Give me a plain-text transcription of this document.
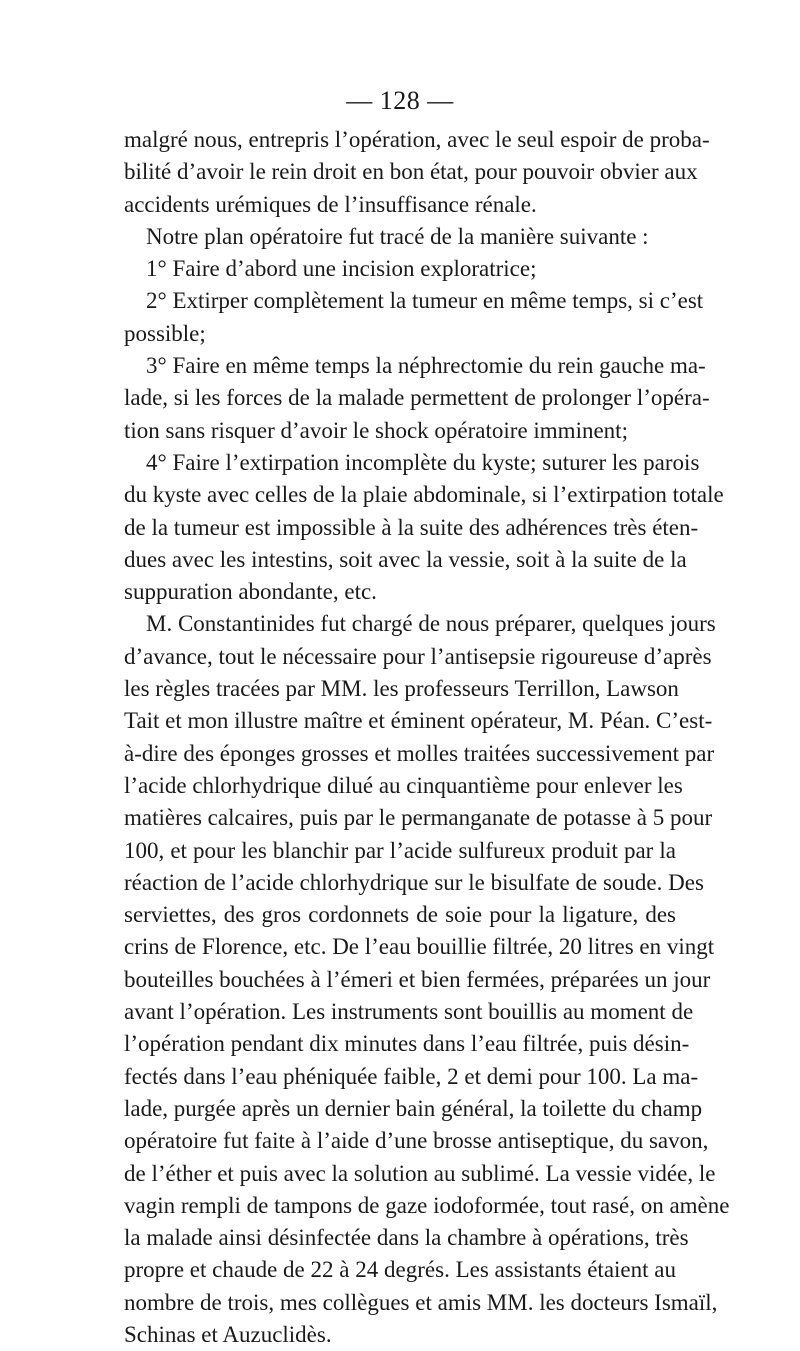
— 128 —
malgré nous, entrepris l’opération, avec le seul espoir de proba-
bilité d’avoir le rein droit en bon état, pour pouvoir obvier aux
accidents urémiques de l’insuffisance rénale.
Notre plan opératoire fut tracé de la manière suivante :
1° Faire d’abord une incision exploratrice;
2° Extirper complètement la tumeur en même temps, si c’est
possible;
3° Faire en même temps la néphrectomie du rein gauche ma-
lade, si les forces de la malade permettent de prolonger l’opéra-
tion sans risquer d’avoir le shock opératoire imminent;
4° Faire l’extirpation incomplète du kyste; suturer les parois
du kyste avec celles de la plaie abdominale, si l’extirpation totale
de la tumeur est impossible à la suite des adhérences très éten-
dues avec les intestins, soit avec la vessie, soit à la suite de la
suppuration abondante, etc.
M. Constantinides fut chargé de nous préparer, quelques jours
d’avance, tout le nécessaire pour l’antisepsie rigoureuse d’après
les règles tracées par MM. les professeurs Terrillon, Lawson
Tait et mon illustre maître et éminent opérateur, M. Péan. C’est-
à-dire des éponges grosses et molles traitées successivement par
l’acide chlorhydrique dilué au cinquantième pour enlever les
matières calcaires, puis par le permanganate de potasse à 5 pour
100, et pour les blanchir par l’acide sulfureux produit par la
réaction de l’acide chlorhydrique sur le bisulfate de soude. Des
serviettes, des gros cordonnets de soie pour la ligature, des
crins de Florence, etc. De l’eau bouillie filtrée, 20 litres en vingt
bouteilles bouchées à l’émeri et bien fermées, préparées un jour
avant l’opération. Les instruments sont bouillis au moment de
l’opération pendant dix minutes dans l’eau filtrée, puis désin-
fectés dans l’eau phéniquée faible, 2 et demi pour 100. La ma-
lade, purgée après un dernier bain général, la toilette du champ
opératoire fut faite à l’aide d’une brosse antiseptique, du savon,
de l’éther et puis avec la solution au sublimé. La vessie vidée, le
vagin rempli de tampons de gaze iodoformée, tout rasé, on amène
la malade ainsi désinfectée dans la chambre à opérations, très
propre et chaude de 22 à 24 degrés. Les assistants étaient au
nombre de trois, mes collègues et amis MM. les docteurs Ismaïl,
Schinas et Auzuclidès.
